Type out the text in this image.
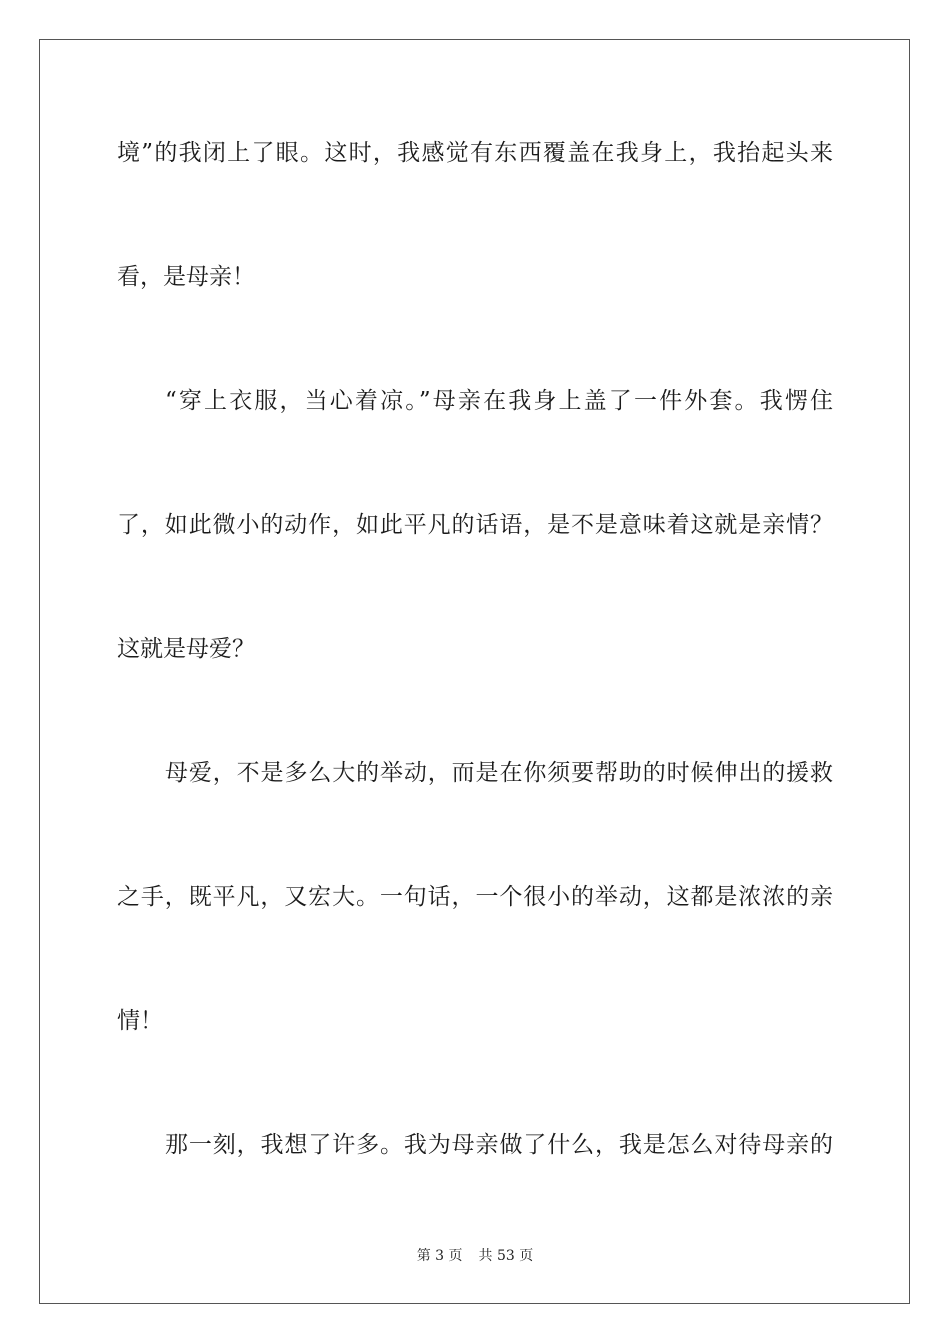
境”的我闭上了眼。这时，我感觉有东西覆盖在我身上，我抬起头来
看，是母亲！
“穿上衣服，当心着凉。”母亲在我身上盖了一件外套。我愣住
了，如此微小的动作，如此平凡的话语，是不是意味着这就是亲情？
这就是母爱？
母爱，不是多么大的举动，而是在你须要帮助的时候伸出的援救
之手，既平凡，又宏大。一句话，一个很小的举动，这都是浓浓的亲
情！
那一刻，我想了许多。我为母亲做了什么，我是怎么对待母亲的
第 3 页 共 53 页
